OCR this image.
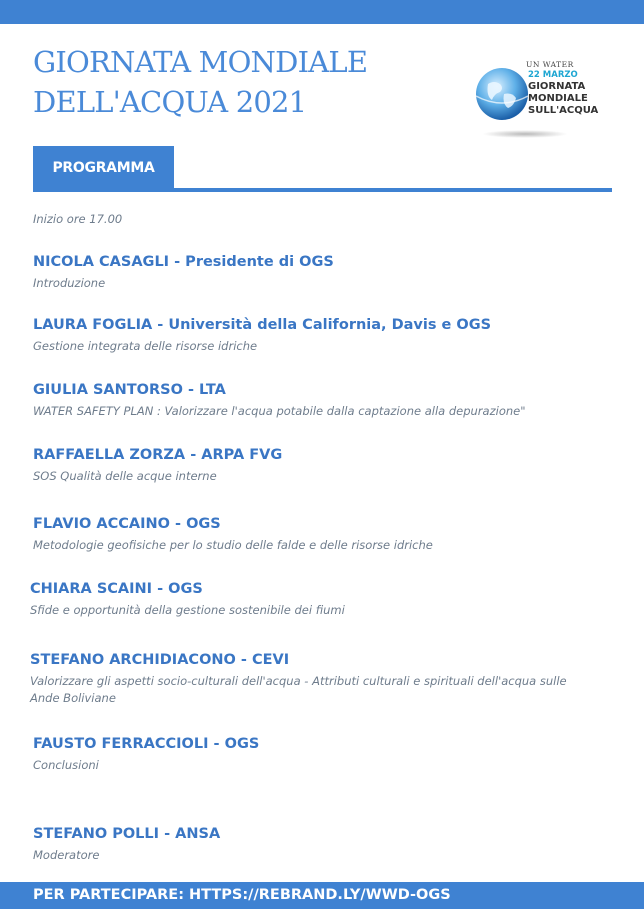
GIORNATA MONDIALE
DELL'ACQUA 2021
UN WATER
22 MARZO
GIORNATA
MONDIALE
SULL'ACQUA
PROGRAMMA
Inizio ore 17.00
NICOLA CASAGLI - Presidente di OGS
Introduzione
LAURA FOGLIA - Università della California, Davis e OGS
Gestione integrata delle risorse idriche
GIULIA SANTORSO - LTA
WATER SAFETY PLAN : Valorizzare l'acqua potabile dalla captazione alla depurazione"
RAFFAELLA ZORZA - ARPA FVG
SOS Qualità delle acque interne
FLAVIO ACCAINO - OGS
Metodologie geofisiche per lo studio delle falde e delle risorse idriche
CHIARA SCAINI - OGS
Sfide e opportunità della gestione sostenibile dei fiumi
STEFANO ARCHIDIACONO - CEVI
Valorizzare gli aspetti socio-culturali dell'acqua - Attributi culturali e spirituali dell'acqua sulle Ande Boliviane
FAUSTO FERRACCIOLI - OGS
Conclusioni
STEFANO POLLI - ANSA
Moderatore
PER PARTECIPARE: HTTPS://REBRAND.LY/WWD-OGS
